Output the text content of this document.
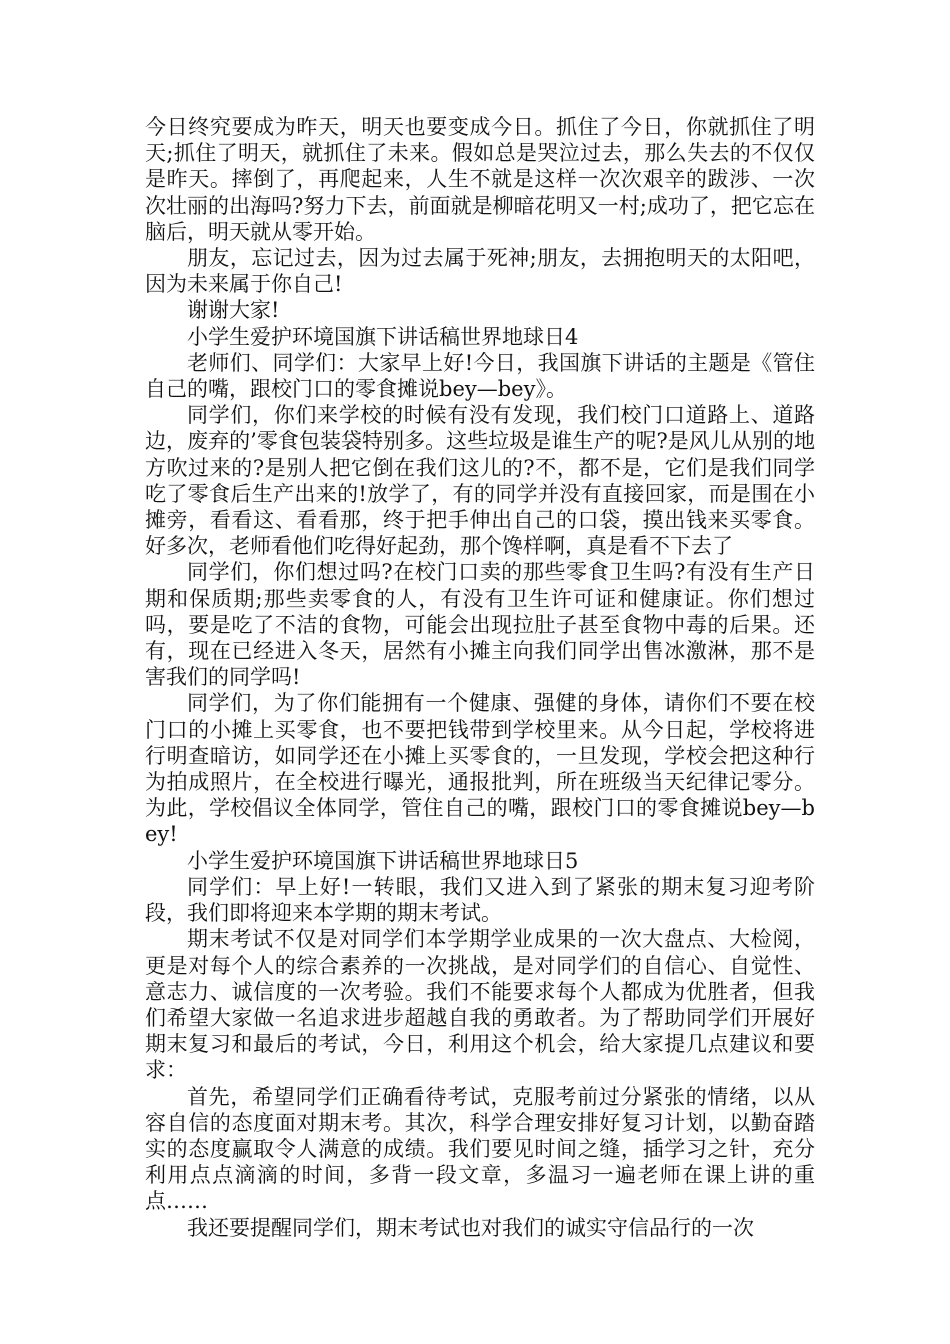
今日终究要成为昨天，明天也要变成今日。抓住了今日，你就抓住了明天;抓住了明天，就抓住了未来。假如总是哭泣过去，那么失去的不仅仅是昨天。摔倒了，再爬起来，人生不就是这样一次次艰辛的跋涉、一次次壮丽的出海吗?努力下去，前面就是柳暗花明又一村;成功了，把它忘在脑后，明天就从零开始。

朋友，忘记过去，因为过去属于死神;朋友，去拥抱明天的太阳吧，因为未来属于你自己!

谢谢大家!

小学生爱护环境国旗下讲话稿世界地球日4

老师们、同学们：大家早上好!今日，我国旗下讲话的主题是《管住自己的嘴，跟校门口的零食摊说bey—bey》。

同学们，你们来学校的时候有没有发现，我们校门口道路上、道路边，废弃的’零食包装袋特别多。这些垃圾是谁生产的呢?是风儿从别的地方吹过来的?是别人把它倒在我们这儿的?不，都不是，它们是我们同学吃了零食后生产出来的!放学了，有的同学并没有直接回家，而是围在小摊旁，看看这、看看那，终于把手伸出自己的口袋，摸出钱来买零食。好多次，老师看他们吃得好起劲，那个馋样啊，真是看不下去了

同学们，你们想过吗?在校门口卖的那些零食卫生吗?有没有生产日期和保质期;那些卖零食的人，有没有卫生许可证和健康证。你们想过吗，要是吃了不洁的食物，可能会出现拉肚子甚至食物中毒的后果。还有，现在已经进入冬天，居然有小摊主向我们同学出售冰激淋，那不是害我们的同学吗!

同学们，为了你们能拥有一个健康、强健的身体，请你们不要在校门口的小摊上买零食，也不要把钱带到学校里来。从今日起，学校将进行明查暗访，如同学还在小摊上买零食的，一旦发现，学校会把这种行为拍成照片，在全校进行曝光，通报批判，所在班级当天纪律记零分。为此，学校倡议全体同学，管住自己的嘴，跟校门口的零食摊说bey—bey!

小学生爱护环境国旗下讲话稿世界地球日5

同学们：早上好!一转眼，我们又进入到了紧张的期末复习迎考阶段，我们即将迎来本学期的期末考试。

期末考试不仅是对同学们本学期学业成果的一次大盘点、大检阅，更是对每个人的综合素养的一次挑战，是对同学们的自信心、自觉性、意志力、诚信度的一次考验。我们不能要求每个人都成为优胜者，但我们希望大家做一名追求进步超越自我的勇敢者。为了帮助同学们开展好期末复习和最后的考试，今日，利用这个机会，给大家提几点建议和要求：

首先，希望同学们正确看待考试，克服考前过分紧张的情绪，以从容自信的态度面对期末考。其次，科学合理安排好复习计划，以勤奋踏实的态度赢取令人满意的成绩。我们要见时间之缝，插学习之针，充分利用点点滴滴的时间，多背一段文章，多温习一遍老师在课上讲的重点……

我还要提醒同学们，期末考试也对我们的诚实守信品行的一次
